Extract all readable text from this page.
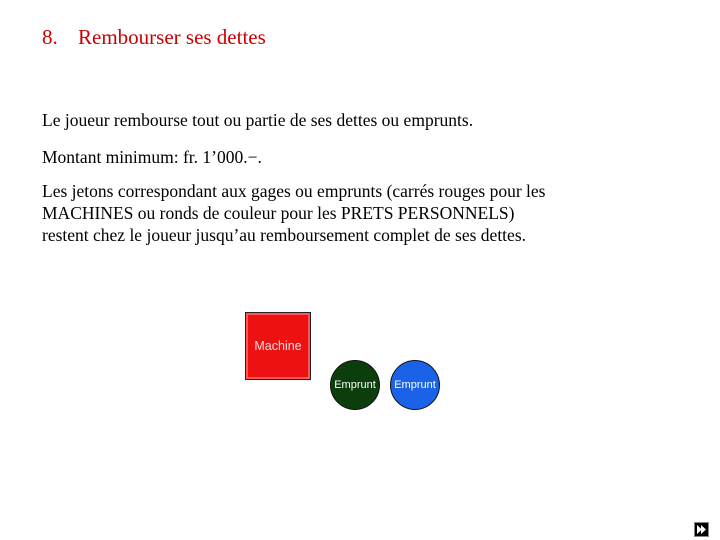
8. Rembourser ses dettes
Le joueur rembourse tout ou partie de ses dettes ou emprunts.
Montant minimum: fr. 1’000.−.
Les jetons correspondant aux gages ou emprunts (carrés rouges pour les
MACHINES ou ronds de couleur pour les PRETS PERSONNELS)
restent chez le joueur jusqu’au remboursement complet de ses dettes.
Machine
Emprunt Emprunt
